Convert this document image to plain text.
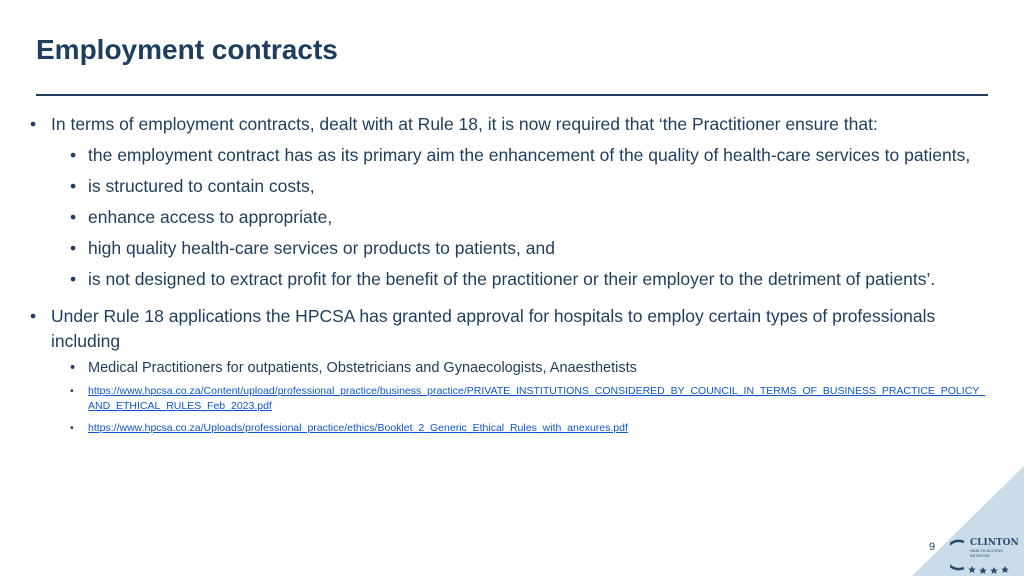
Employment contracts
• In terms of employment contracts, dealt with at Rule 18, it is now required that ‘the Practitioner ensure that:
• the employment contract has as its primary aim the enhancement of the quality of health-care services to patients,
• is structured to contain costs,
• enhance access to appropriate,
• high quality health-care services or products to patients, and
• is not designed to extract profit for the benefit of the practitioner or their employer to the detriment of patients’.
• Under Rule 18 applications the HPCSA has granted approval for hospitals to employ certain types of professionals including
• Medical Practitioners for outpatients, Obstetricians and Gynaecologists, Anaesthetists
• https://www.hpcsa.co.za/Content/upload/professional_practice/business_practice/PRIVATE_INSTITUTIONS_CONSIDERED_BY_COUNCIL_IN_TERMS_OF_BUSINESS_PRACTICE_POLICY_AND_ETHICAL_RULES_Feb_2023.pdf
• https://www.hpcsa.co.za/Uploads/professional_practice/ethics/Booklet_2_Generic_Ethical_Rules_with_anexures.pdf
9	CLINTON
HEALTH ACCESS INITIATIVE
